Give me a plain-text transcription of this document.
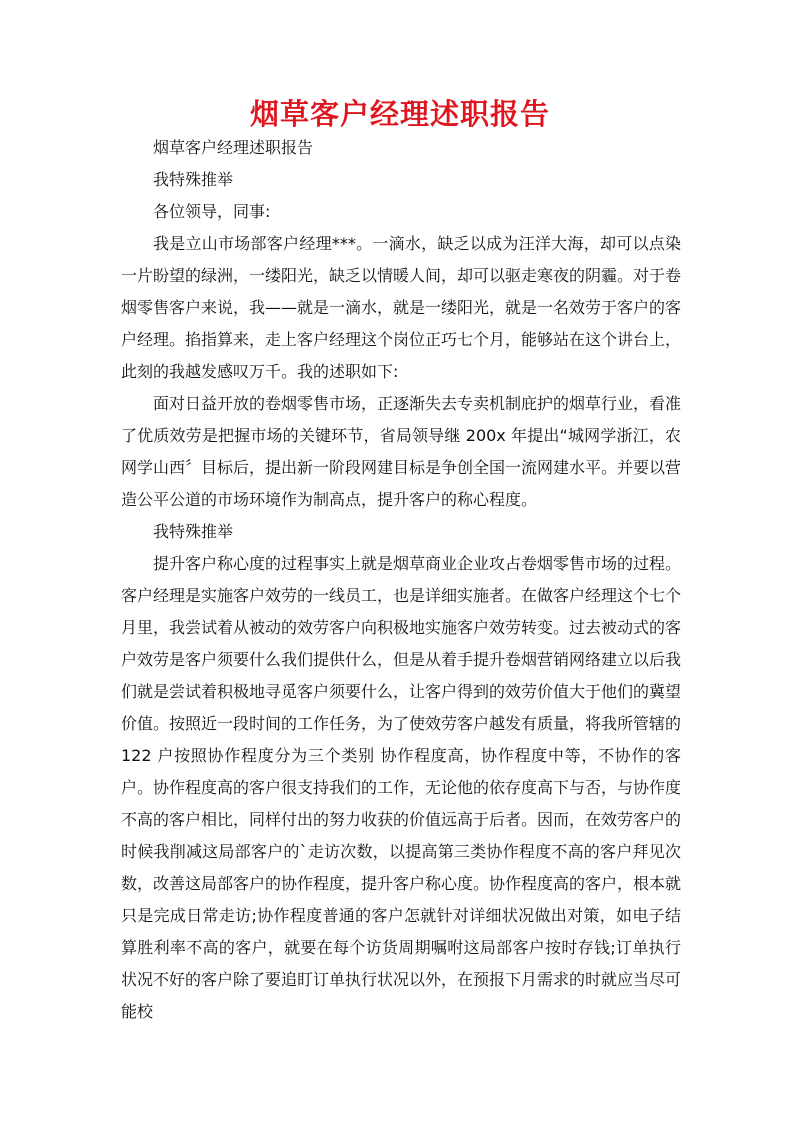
烟草客户经理述职报告

烟草客户经理述职报告

我特殊推举

各位领导，同事:

我是立山市场部客户经理***。一滴水，缺乏以成为汪洋大海，却可以点染一片盼望的绿洲，一缕阳光，缺乏以情暖人间，却可以驱走寒夜的阴霾。对于卷烟零售客户来说，我——就是一滴水，就是一缕阳光，就是一名效劳于客户的客户经理。掐指算来，走上客户经理这个岗位正巧七个月，能够站在这个讲台上，此刻的我越发感叹万千。我的述职如下:

面对日益开放的卷烟零售市场，正逐渐失去专卖机制庇护的烟草行业，看准了优质效劳是把握市场的关键环节，省局领导继 200x 年提出“城网学浙江，农网学山西〞目标后，提出新一阶段网建目标是争创全国一流网建水平。并要以营造公平公道的市场环境作为制高点，提升客户的称心程度。

我特殊推举

提升客户称心度的过程事实上就是烟草商业企业攻占卷烟零售市场的过程。客户经理是实施客户效劳的一线员工，也是详细实施者。在做客户经理这个七个月里，我尝试着从被动的效劳客户向积极地实施客户效劳转变。过去被动式的客户效劳是客户须要什么我们提供什么，但是从着手提升卷烟营销网络建立以后我们就是尝试着积极地寻觅客户须要什么，让客户得到的效劳价值大于他们的冀望价值。按照近一段时间的工作任务，为了使效劳客户越发有质量，将我所管辖的 122 户按照协作程度分为三个类别 协作程度高，协作程度中等，不协作的客户。协作程度高的客户很支持我们的工作，无论他的依存度高下与否，与协作度不高的客户相比，同样付出的努力收获的价值远高于后者。因而，在效劳客户的时候我削减这局部客户的`走访次数，以提高第三类协作程度不高的客户拜见次数，改善这局部客户的协作程度，提升客户称心度。协作程度高的客户，根本就只是完成日常走访;协作程度普通的客户怎就针对详细状况做出对策，如电子结算胜利率不高的客户，就要在每个访货周期嘱咐这局部客户按时存钱;订单执行状况不好的客户除了要追盯订单执行状况以外，在预报下月需求的时就应当尽可能校
